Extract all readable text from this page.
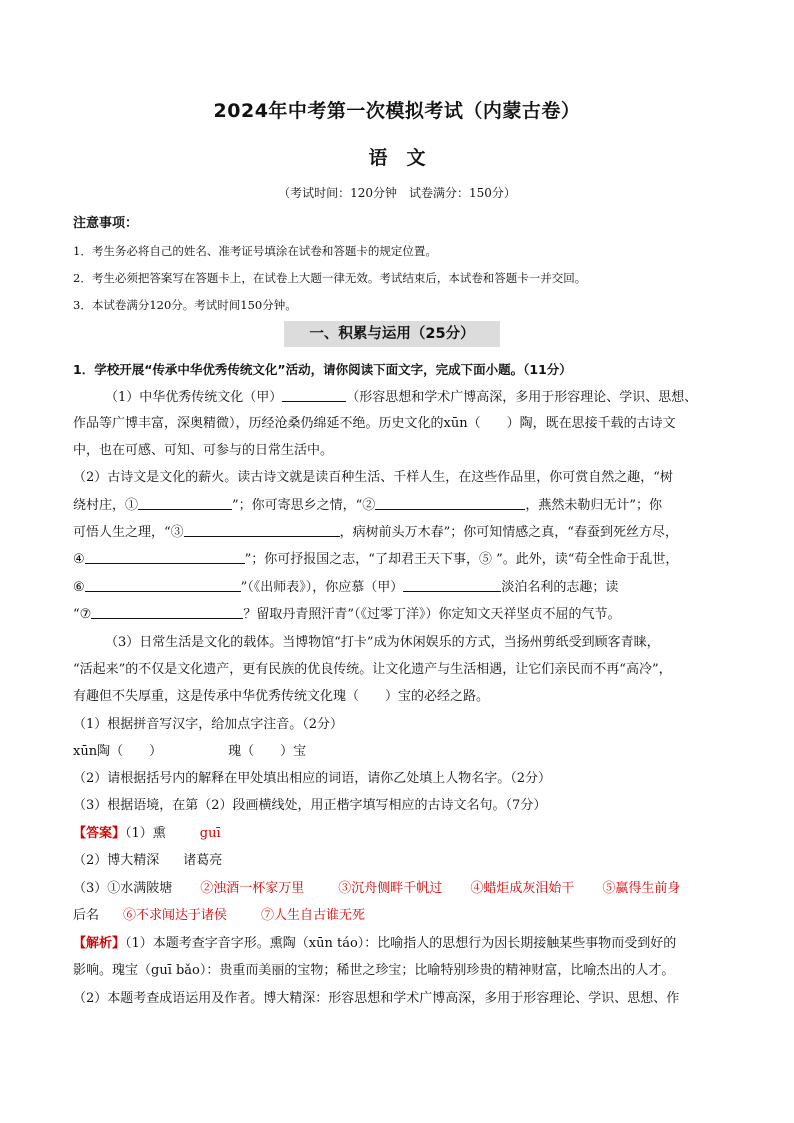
2024年中考第一次模拟考试（内蒙古卷）
语　文
（考试时间：120分钟　试卷满分：150分）
注意事项：
1．考生务必将自己的姓名、准考证号填涂在试卷和答题卡的规定位置。
2．考生必须把答案写在答题卡上，在试卷上大题一律无效。考试结束后，本试卷和答题卡一并交回。
3．本试卷满分120分。考试时间150分钟。
一、积累与运用（25分）
1．学校开展“传承中华优秀传统文化”活动，请你阅读下面文字，完成下面小题。（11分）
（1）中华优秀传统文化（甲）	（形容思想和学术广博高深，多用于形容理论、学识、思想、
作品等广博丰富，深奥精微），历经沧桑仍绵延不绝。历史文化的xūn（　　）陶，既在思接千载的古诗文
中，也在可感、可知、可参与的日常生活中。
（2）古诗文是文化的薪火。读古诗文就是读百种生活、千样人生，在这些作品里，你可赏自然之趣，“树
绕村庄，①	”；你可寄思乡之情，“②	，燕然未勒归无计”；你
可悟人生之理，“③	，病树前头万木春”；你可知情感之真，“春蚕到死丝方尽，
④	”；你可抒报国之志，“了却君王天下事，⑤ ”。此外，读“苟全性命于乱世，
⑥	”（《出师表》），你应慕（甲）	淡泊名利的志趣；读
“⑦	？留取丹青照汗青”（《过零丁洋》）你定知文天祥坚贞不屈的气节。
（3）日常生活是文化的载体。当博物馆“打卡”成为休闲娱乐的方式，当扬州剪纸受到顾客青睐，
“活起来”的不仅是文化遗产，更有民族的优良传统。让文化遗产与生活相遇，让它们亲民而不再“高冷”，
有趣但不失厚重，这是传承中华优秀传统文化瑰（　　）宝的必经之路。
（1）根据拼音写汉字，给加点字注音。（2分）
xūn陶（　　）	瑰（　　）宝
（2）请根据括号内的解释在甲处填出相应的词语，请你乙处填上人物名字。（2分）
（3）根据语境，在第（2）段画横线处，用正楷字填写相应的古诗文名句。（7分）
【答案】（1）熏	guī
（2）博大精深 诸葛亮
（3）①水满陂塘 ②浊酒一杯家万里	③沉舟侧畔千帆过 ④蜡炬成灰泪始干 ⑤赢得生前身
后名 ⑥不求闻达于诸侯	⑦人生自古谁无死
【解析】（1）本题考查字音字形。熏陶（xūn táo）：比喻指人的思想行为因长期接触某些事物而受到好的
影响。瑰宝（guī bǎo）：贵重而美丽的宝物；稀世之珍宝；比喻特别珍贵的精神财富，比喻杰出的人才。
（2）本题考查成语运用及作者。博大精深：形容思想和学术广博高深，多用于形容理论、学识、思想、作
